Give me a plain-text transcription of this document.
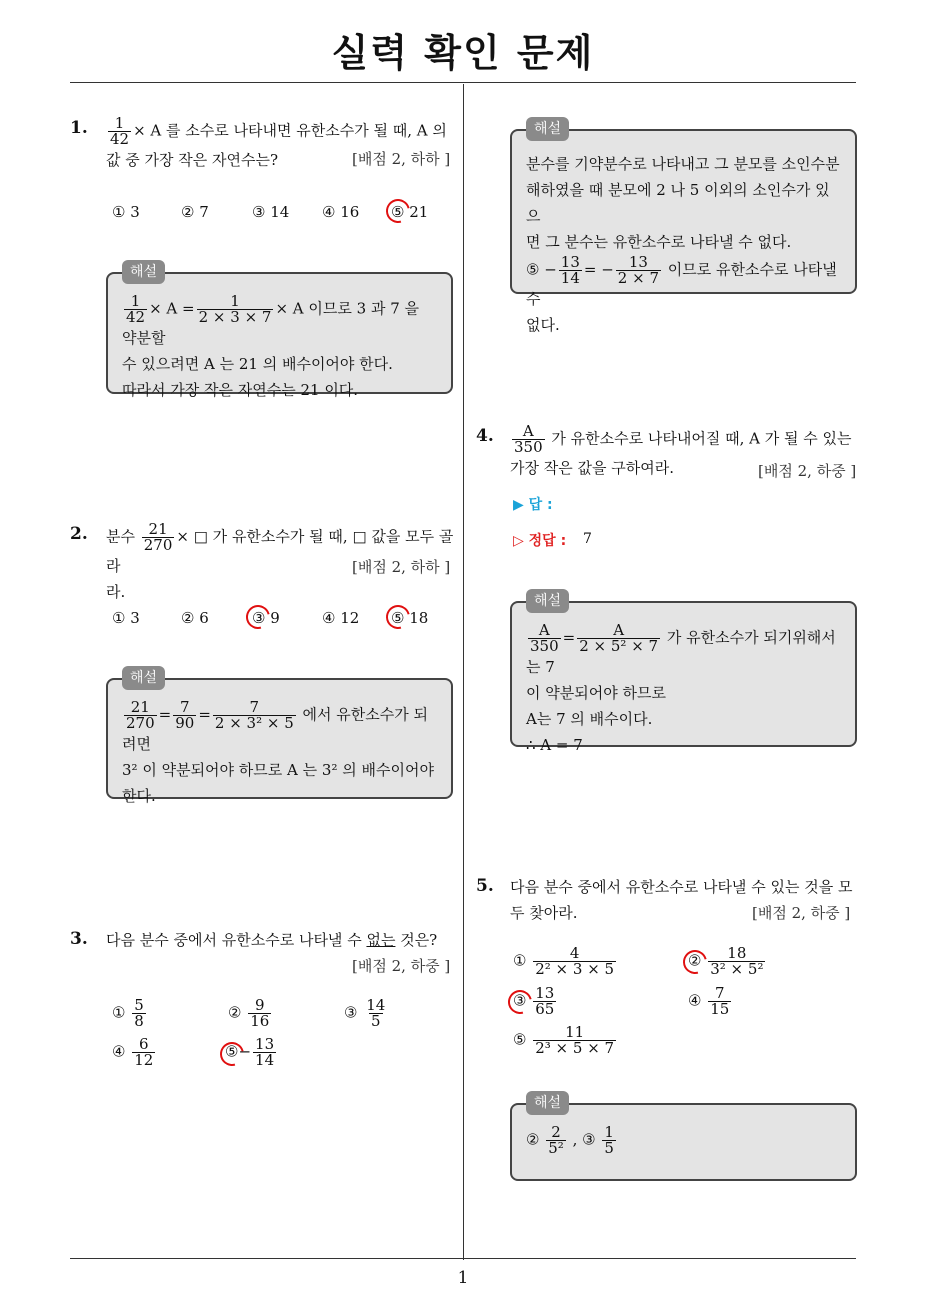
실력 확인 문제
1
1. $\frac{1}{42} \times A$ 를 소수로 나타내면 유한소수가 될 때, A 의
값 중 가장 작은 자연수는?	[배점 2, 하하 ]
① 3	② 7	③ 14 ④ 16 ⑤ 21
해설
$\frac{1}{42} \times A = \frac{1}{2 \times 3 \times 7} \times A$ 이므로 3 과 7 을 약분할
수 있으려면 A 는 21 의 배수이어야 한다.
따라서 가장 작은 자연수는 21 이다.
2. 분수 $\frac{21}{270}$ × □ 가 유한소수가 될 때, □ 값을 모두 골라
라.
[배점 2, 하하 ]
① 3	② 6	③ 9	④ 12 ⑤ 18
해설
$\frac{21}{270} = \frac{7}{90} = \frac{7}{\text{2 × 3² × 5}}$ 에서 유한소수가 되려면
3² 이 약분되어야 하므로 A 는 3² 의 배수이어야
한다.
3. 다음 분수 중에서 유한소수로 나타낼 수 없는 것은?
[배점 2, 하중 ]
① $\frac{5}{8}$	② $\frac{9}{16}$	③ $\frac{14}{5}$
④ $\frac{6}{12}$	⑤− $\frac{13}{14}$
해설
분수를 기약분수로 나타내고 그 분모를 소인수분
해하였을 때 분모에 2 나 5 이외의 소인수가 있으
면 그 분수는 유한소수로 나타낼 수 없다.
⑤ − $\frac{13}{14}$ = − $\frac{13}{2 \times 7}$ 이므로 유한소수로 나타낼 수
없다.
4. $\frac{A}{350}$ 가 유한소수로 나타내어질 때, A 가 될 수 있는
가장 작은 값을 구하여라.	[배점 2, 하중 ]
▶ 답 :
▷ 정답 : 7
해설
$\frac{A}{350} = \frac{A}{\text{2 × 5² × 7}}$ 가 유한소수가 되기위해서는 7
이 약분되어야 하므로
A는 7 의 배수이다.
∴ A = 7
5. 다음 분수 중에서 유한소수로 나타낼 수 있는 것을 모
두 찾아라.	[배점 2, 하중 ]
① $\frac{4}{\text{2² × 3 × 5}}$	② $\frac{18}{\text{3² × 5²}}$
③ $\frac{13}{65}$	④ $\frac{7}{15}$
⑤ $\frac{11}{\text{2³ × 5 × 7}}$
해설
② $\frac{2}{\text{5²}}$ , ③ $\frac{1}{5}$
